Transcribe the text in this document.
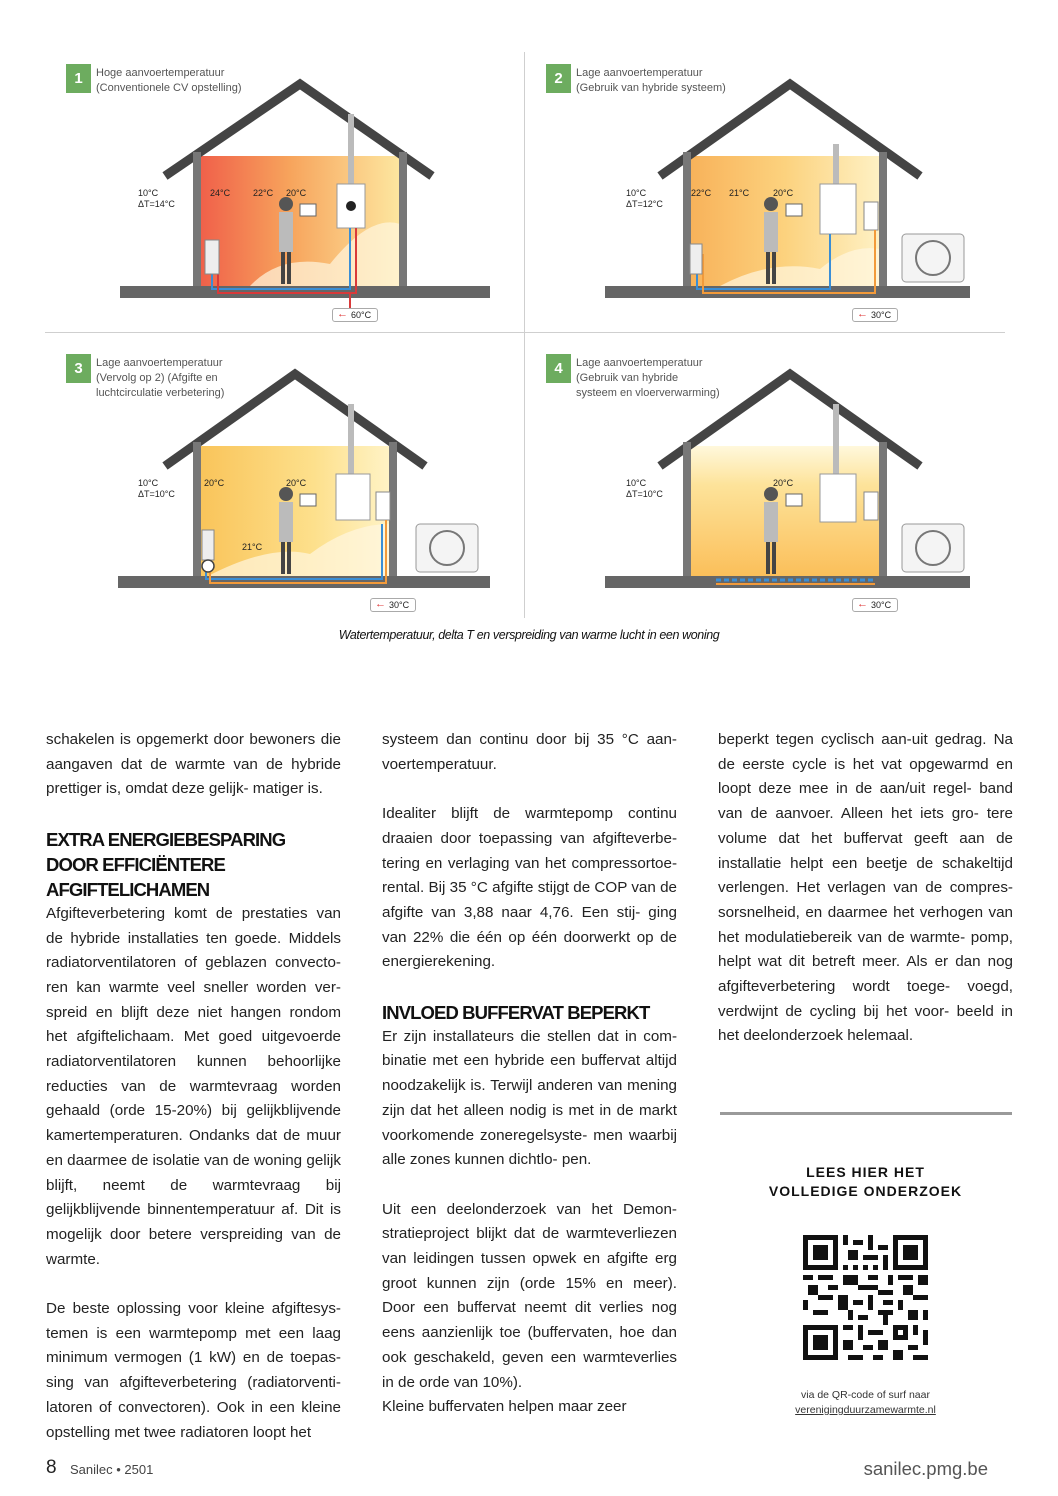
1	Hoge aanvoertemperatuur
(Conventionele CV opstelling)
10°C
ΔT=14°C
24°C	22°C 20°C
← 60°C
2	Lage aanvoertemperatuur
(Gebruik van hybride systeem)
10°C
ΔT=12°C
22°C 21°C	20°C
← 30°C
3	Lage aanvoertemperatuur
(Vervolg op 2) (Afgifte en
luchtcirculatie verbetering)
10°C
ΔT=10°C
20°C	20°C
21°C
← 30°C
4	Lage aanvoertemperatuur
(Gebruik van hybride
systeem en vloerverwarming)
10°C
ΔT=10°C
20°C
← 30°C
Watertemperatuur, delta T en verspreiding van warme lucht in een woning

schakelen is opgemerkt door bewoners die aangaven dat de warmte van de hybride prettiger is, omdat deze gelijk- matiger is.

EXTRA ENERGIEBESPARING DOOR EFFICIËNTERE AFGIFTELICHAMEN

Afgifteverbetering komt de prestaties van de hybride installaties ten goede. Middels radiatorventilatoren of geblazen convecto- ren kan warmte veel sneller worden ver- spreid en blijft deze niet hangen rondom het afgiftelichaam. Met goed uitgevoerde radiatorventilatoren kunnen behoorlijke reducties van de warmtevraag worden gehaald (orde 15-20%) bij gelijkblijvende kamertemperaturen. Ondanks dat de muur en daarmee de isolatie van de woning gelijk blijft, neemt de warmtevraag bij gelijkblijvende binnentemperatuur af. Dit is mogelijk door betere verspreiding van de warmte.

De beste oplossing voor kleine afgiftesys- temen is een warmtepomp met een laag minimum vermogen (1 kW) en de toepas- sing van afgifteverbetering (radiatorventi- latoren of convectoren). Ook in een kleine opstelling met twee radiatoren loopt het

systeem dan continu door bij 35 °C aan- voertemperatuur.

Idealiter blijft de warmtepomp continu draaien door toepassing van afgifteverbe- tering en verlaging van het compressortoe- rental. Bij 35 °C afgifte stijgt de COP van de afgifte van 3,88 naar 4,76. Een stij- ging van 22% die één op één doorwerkt op de energierekening.

INVLOED BUFFERVAT BEPERKT

Er zijn installateurs die stellen dat in com- binatie met een hybride een buffervat altijd noodzakelijk is. Terwijl anderen van mening zijn dat het alleen nodig is met in de markt voorkomende zoneregelsyste- men waarbij alle zones kunnen dichtlo- pen.

Uit een deelonderzoek van het Demon- stratieproject blijkt dat de warmteverliezen van leidingen tussen opwek en afgifte erg groot kunnen zijn (orde 15% en meer). Door een buffervat neemt dit verlies nog eens aanzienlijk toe (buffervaten, hoe dan ook geschakeld, geven een warmteverlies in de orde van 10%).

Kleine buffervaten helpen maar zeer

beperkt tegen cyclisch aan-uit gedrag. Na de eerste cycle is het vat opgewarmd en loopt deze mee in de aan/uit regel- band van de aanvoer. Alleen het iets gro- tere volume dat het buffervat geeft aan de installatie helpt een beetje de schakeltijd verlengen. Het verlagen van de compres- sorsnelheid, en daarmee het verhogen van het modulatiebereik van de warmte- pomp, helpt wat dit betreft meer. Als er dan nog afgifteverbetering wordt toege- voegd, verdwijnt de cycling bij het voor- beeld in het deelonderzoek helemaal.

LEES HIER HET
VOLLEDIGE ONDERZOEK
via de QR-code of surf naar
verenigingduurzamewarmte.nl
8 Sanilec • 2501	sanilec.pmg.be
